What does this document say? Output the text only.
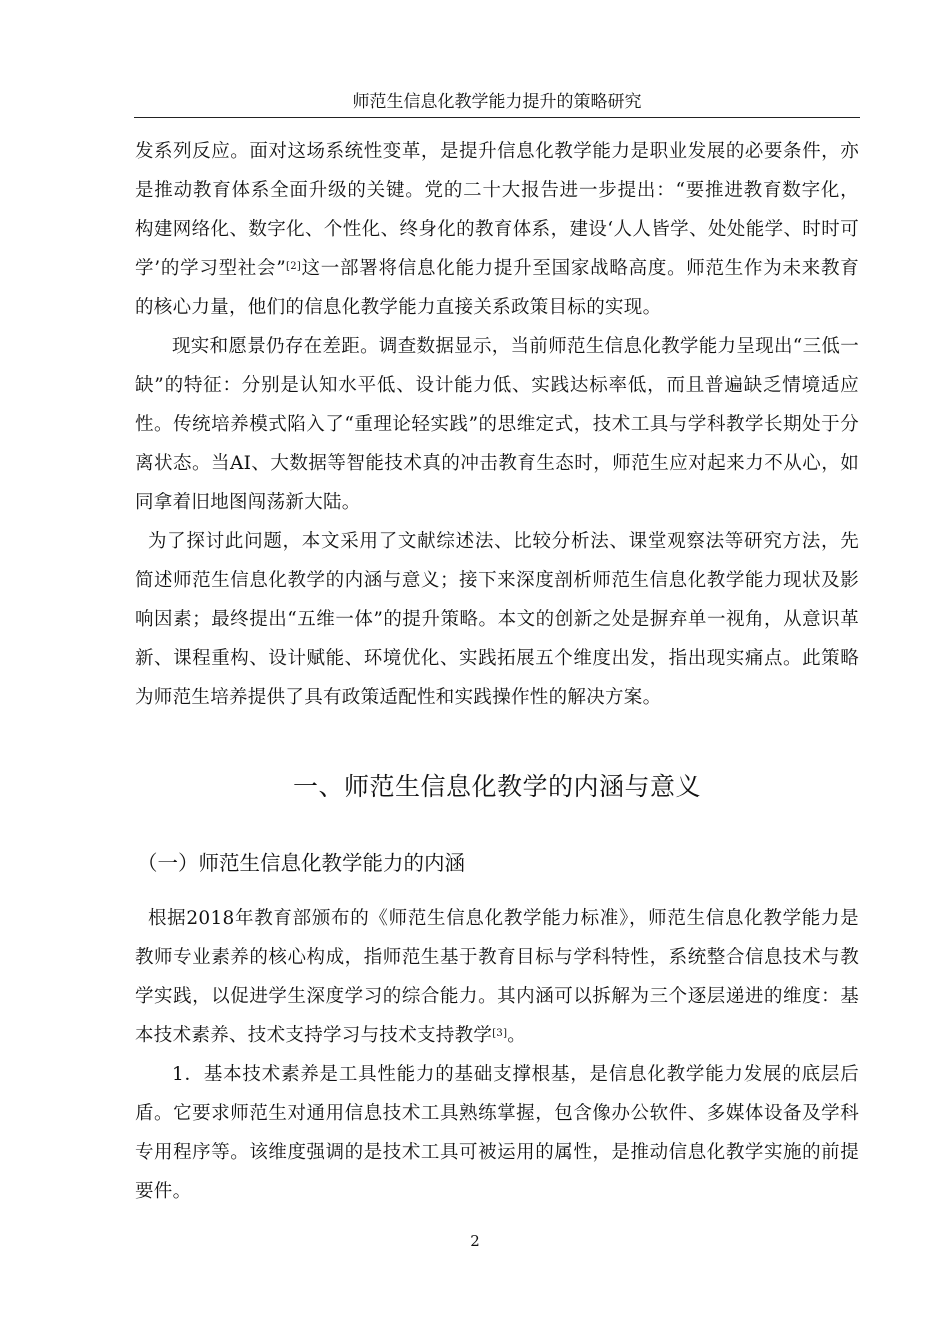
师范生信息化教学能力提升的策略研究

发系列反应。面对这场系统性变革，是提升信息化教学能力是职业发展的必要条件，亦是推动教育体系全面升级的关键。党的二十大报告进一步提出：“要推进教育数字化，构建网络化、数字化、个性化、终身化的教育体系，建设‘人人皆学、处处能学、时时可学’的学习型社会”[2]这一部署将信息化能力提升至国家战略高度。师范生作为未来教育的核心力量，他们的信息化教学能力直接关系政策目标的实现。

现实和愿景仍存在差距。调查数据显示，当前师范生信息化教学能力呈现出“三低一缺”的特征：分别是认知水平低、设计能力低、实践达标率低，而且普遍缺乏情境适应性。传统培养模式陷入了“重理论轻实践”的思维定式，技术工具与学科教学长期处于分离状态。当AI、大数据等智能技术真的冲击教育生态时，师范生应对起来力不从心，如同拿着旧地图闯荡新大陆。

为了探讨此问题，本文采用了文献综述法、比较分析法、课堂观察法等研究方法，先简述师范生信息化教学的内涵与意义；接下来深度剖析师范生信息化教学能力现状及影响因素；最终提出“五维一体”的提升策略。本文的创新之处是摒弃单一视角，从意识革新、课程重构、设计赋能、环境优化、实践拓展五个维度出发，指出现实痛点。此策略为师范生培养提供了具有政策适配性和实践操作性的解决方案。

一、师范生信息化教学的内涵与意义
（一）师范生信息化教学能力的内涵

根据2018年教育部颁布的《师范生信息化教学能力标准》，师范生信息化教学能力是教师专业素养的核心构成，指师范生基于教育目标与学科特性，系统整合信息技术与教学实践，以促进学生深度学习的综合能力。其内涵可以拆解为三个逐层递进的维度：基本技术素养、技术支持学习与技术支持教学[3]。

1．基本技术素养是工具性能力的基础支撑根基，是信息化教学能力发展的底层后盾。它要求师范生对通用信息技术工具熟练掌握，包含像办公软件、多媒体设备及学科专用程序等。该维度强调的是技术工具可被运用的属性，是推动信息化教学实施的前提要件。

2
